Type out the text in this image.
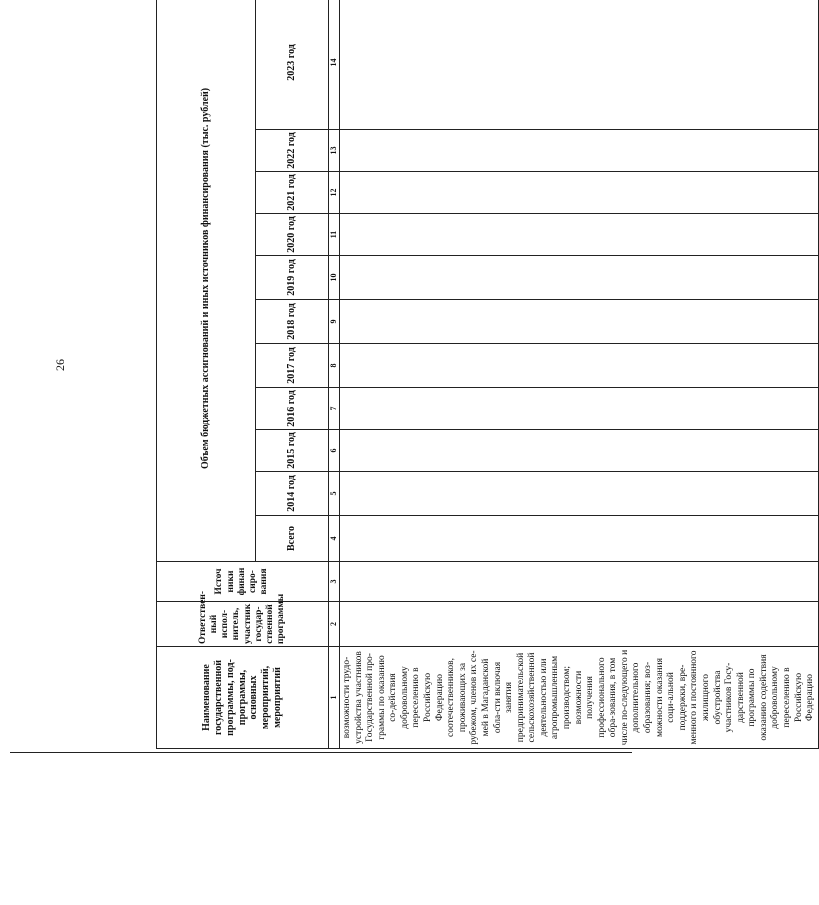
26
Наименование государственной программы, под-программы, основных мероприятий, мероприятий	Ответствен-ный испол-нитель, участник государ-ственной программы	Источ ники финан сиро-вания	Объем бюджетных ассигнований и иных источников финансирования (тыс. рублей)										
			Всего	2014 год	2015 год	2016 год	2017 год	2018 год	2019 год	2020 год	2021 год	2022 год	2023 год
1	2	3	4	5	6	7	8	9	10	11	12	13	14
возможности трудо-устройства участников Государственной про-граммы по оказанию со-действия добровольному переселению в Российскую Федерацию соотечественников, проживающих за рубежом, членов их се-мей в Магаданской обла-сти включая занятия предпринимательской сельскохозяйственной деятельностью или агропромышленным производством; возможности получения профессионального обра-зования, в том числе по-следующего и дополнительного образования; воз-можности оказания соци-альной поддержки, вре-менного и постоянного жилищного обустройства участников Госу-дарственной программы по оказанию содействия добровольному переселению в Российскую Федерацию													
